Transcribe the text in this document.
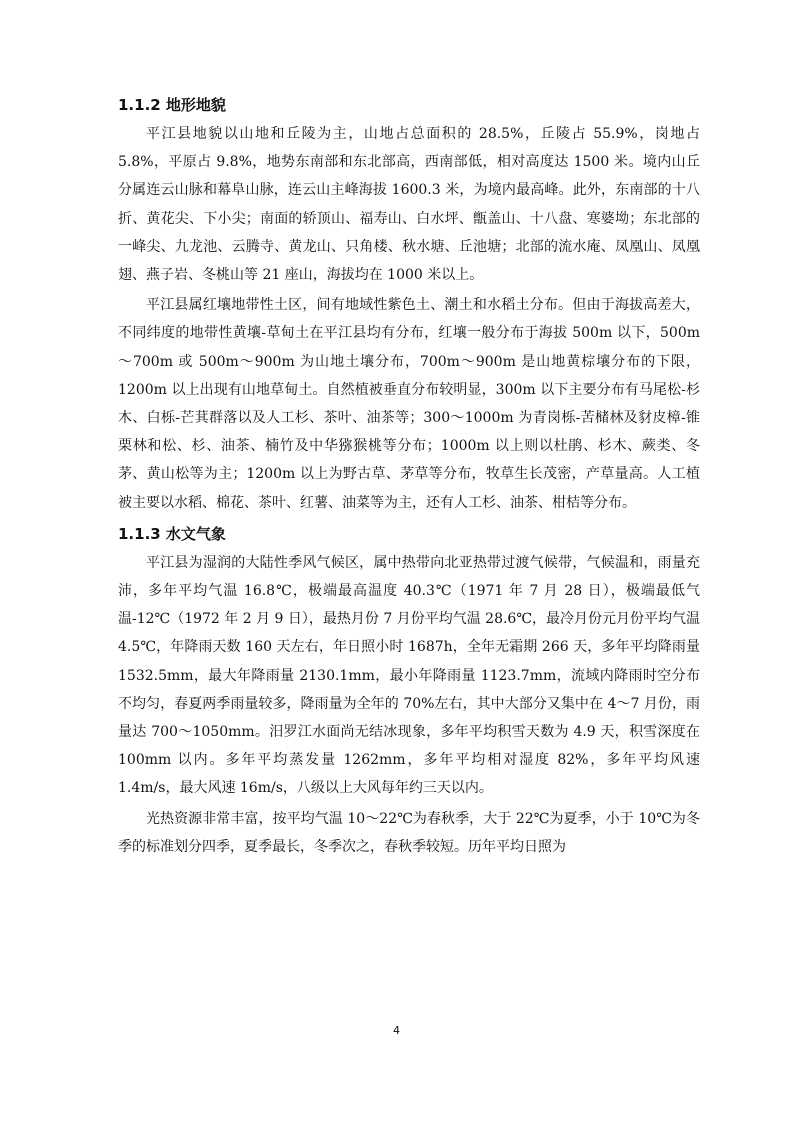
1.1.2 地形地貌

平江县地貌以山地和丘陵为主，山地占总面积的 28.5%，丘陵占 55.9%，岗地占 5.8%，平原占 9.8%，地势东南部和东北部高，西南部低，相对高度达 1500 米。境内山丘分属连云山脉和幕阜山脉，连云山主峰海拔 1600.3 米，为境内最高峰。此外，东南部的十八折、黄花尖、下小尖；南面的轿顶山、福寿山、白水坪、甑盖山、十八盘、寒婆坳；东北部的一峰尖、九龙池、云腾寺、黄龙山、只角楼、秋水塘、丘池塘；北部的流水庵、凤凰山、凤凰翅、燕子岩、冬桃山等 21 座山，海拔均在 1000 米以上。

平江县属红壤地带性土区，间有地域性紫色土、潮土和水稻土分布。但由于海拔高差大，不同纬度的地带性黄壤-草甸土在平江县均有分布，红壤一般分布于海拔 500m 以下，500m～700m 或 500m～900m 为山地土壤分布，700m～900m 是山地黄棕壤分布的下限，1200m 以上出现有山地草甸土。自然植被垂直分布较明显，300m 以下主要分布有马尾松-杉木、白栎-芒萁群落以及人工杉、茶叶、油茶等；300～1000m 为青岗栎-苦槠林及豺皮樟-锥栗林和松、杉、油茶、楠竹及中华猕猴桃等分布；1000m 以上则以杜鹃、杉木、蕨类、冬茅、黄山松等为主；1200m 以上为野古草、茅草等分布，牧草生长茂密，产草量高。人工植被主要以水稻、棉花、茶叶、红薯、油菜等为主，还有人工杉、油茶、柑桔等分布。

1.1.3 水文气象

平江县为湿润的大陆性季风气候区，属中热带向北亚热带过渡气候带，气候温和，雨量充沛，多年平均气温 16.8℃，极端最高温度 40.3℃（1971 年 7 月 28 日），极端最低气温-12℃（1972 年 2 月 9 日），最热月份 7 月份平均气温 28.6℃，最冷月份元月份平均气温 4.5℃，年降雨天数 160 天左右，年日照小时 1687h，全年无霜期 266 天，多年平均降雨量 1532.5mm，最大年降雨量 2130.1mm，最小年降雨量 1123.7mm，流域内降雨时空分布不均匀，春夏两季雨量较多，降雨量为全年的 70%左右，其中大部分又集中在 4～7 月份，雨量达 700～1050mm。汨罗江水面尚无结冰现象，多年平均积雪天数为 4.9 天，积雪深度在 100mm 以内。多年平均蒸发量 1262mm，多年平均相对湿度 82%，多年平均风速 1.4m/s，最大风速 16m/s，八级以上大风每年约三天以内。

光热资源非常丰富，按平均气温 10～22℃为春秋季，大于 22℃为夏季，小于 10℃为冬季的标准划分四季，夏季最长，冬季次之，春秋季较短。历年平均日照为

4
